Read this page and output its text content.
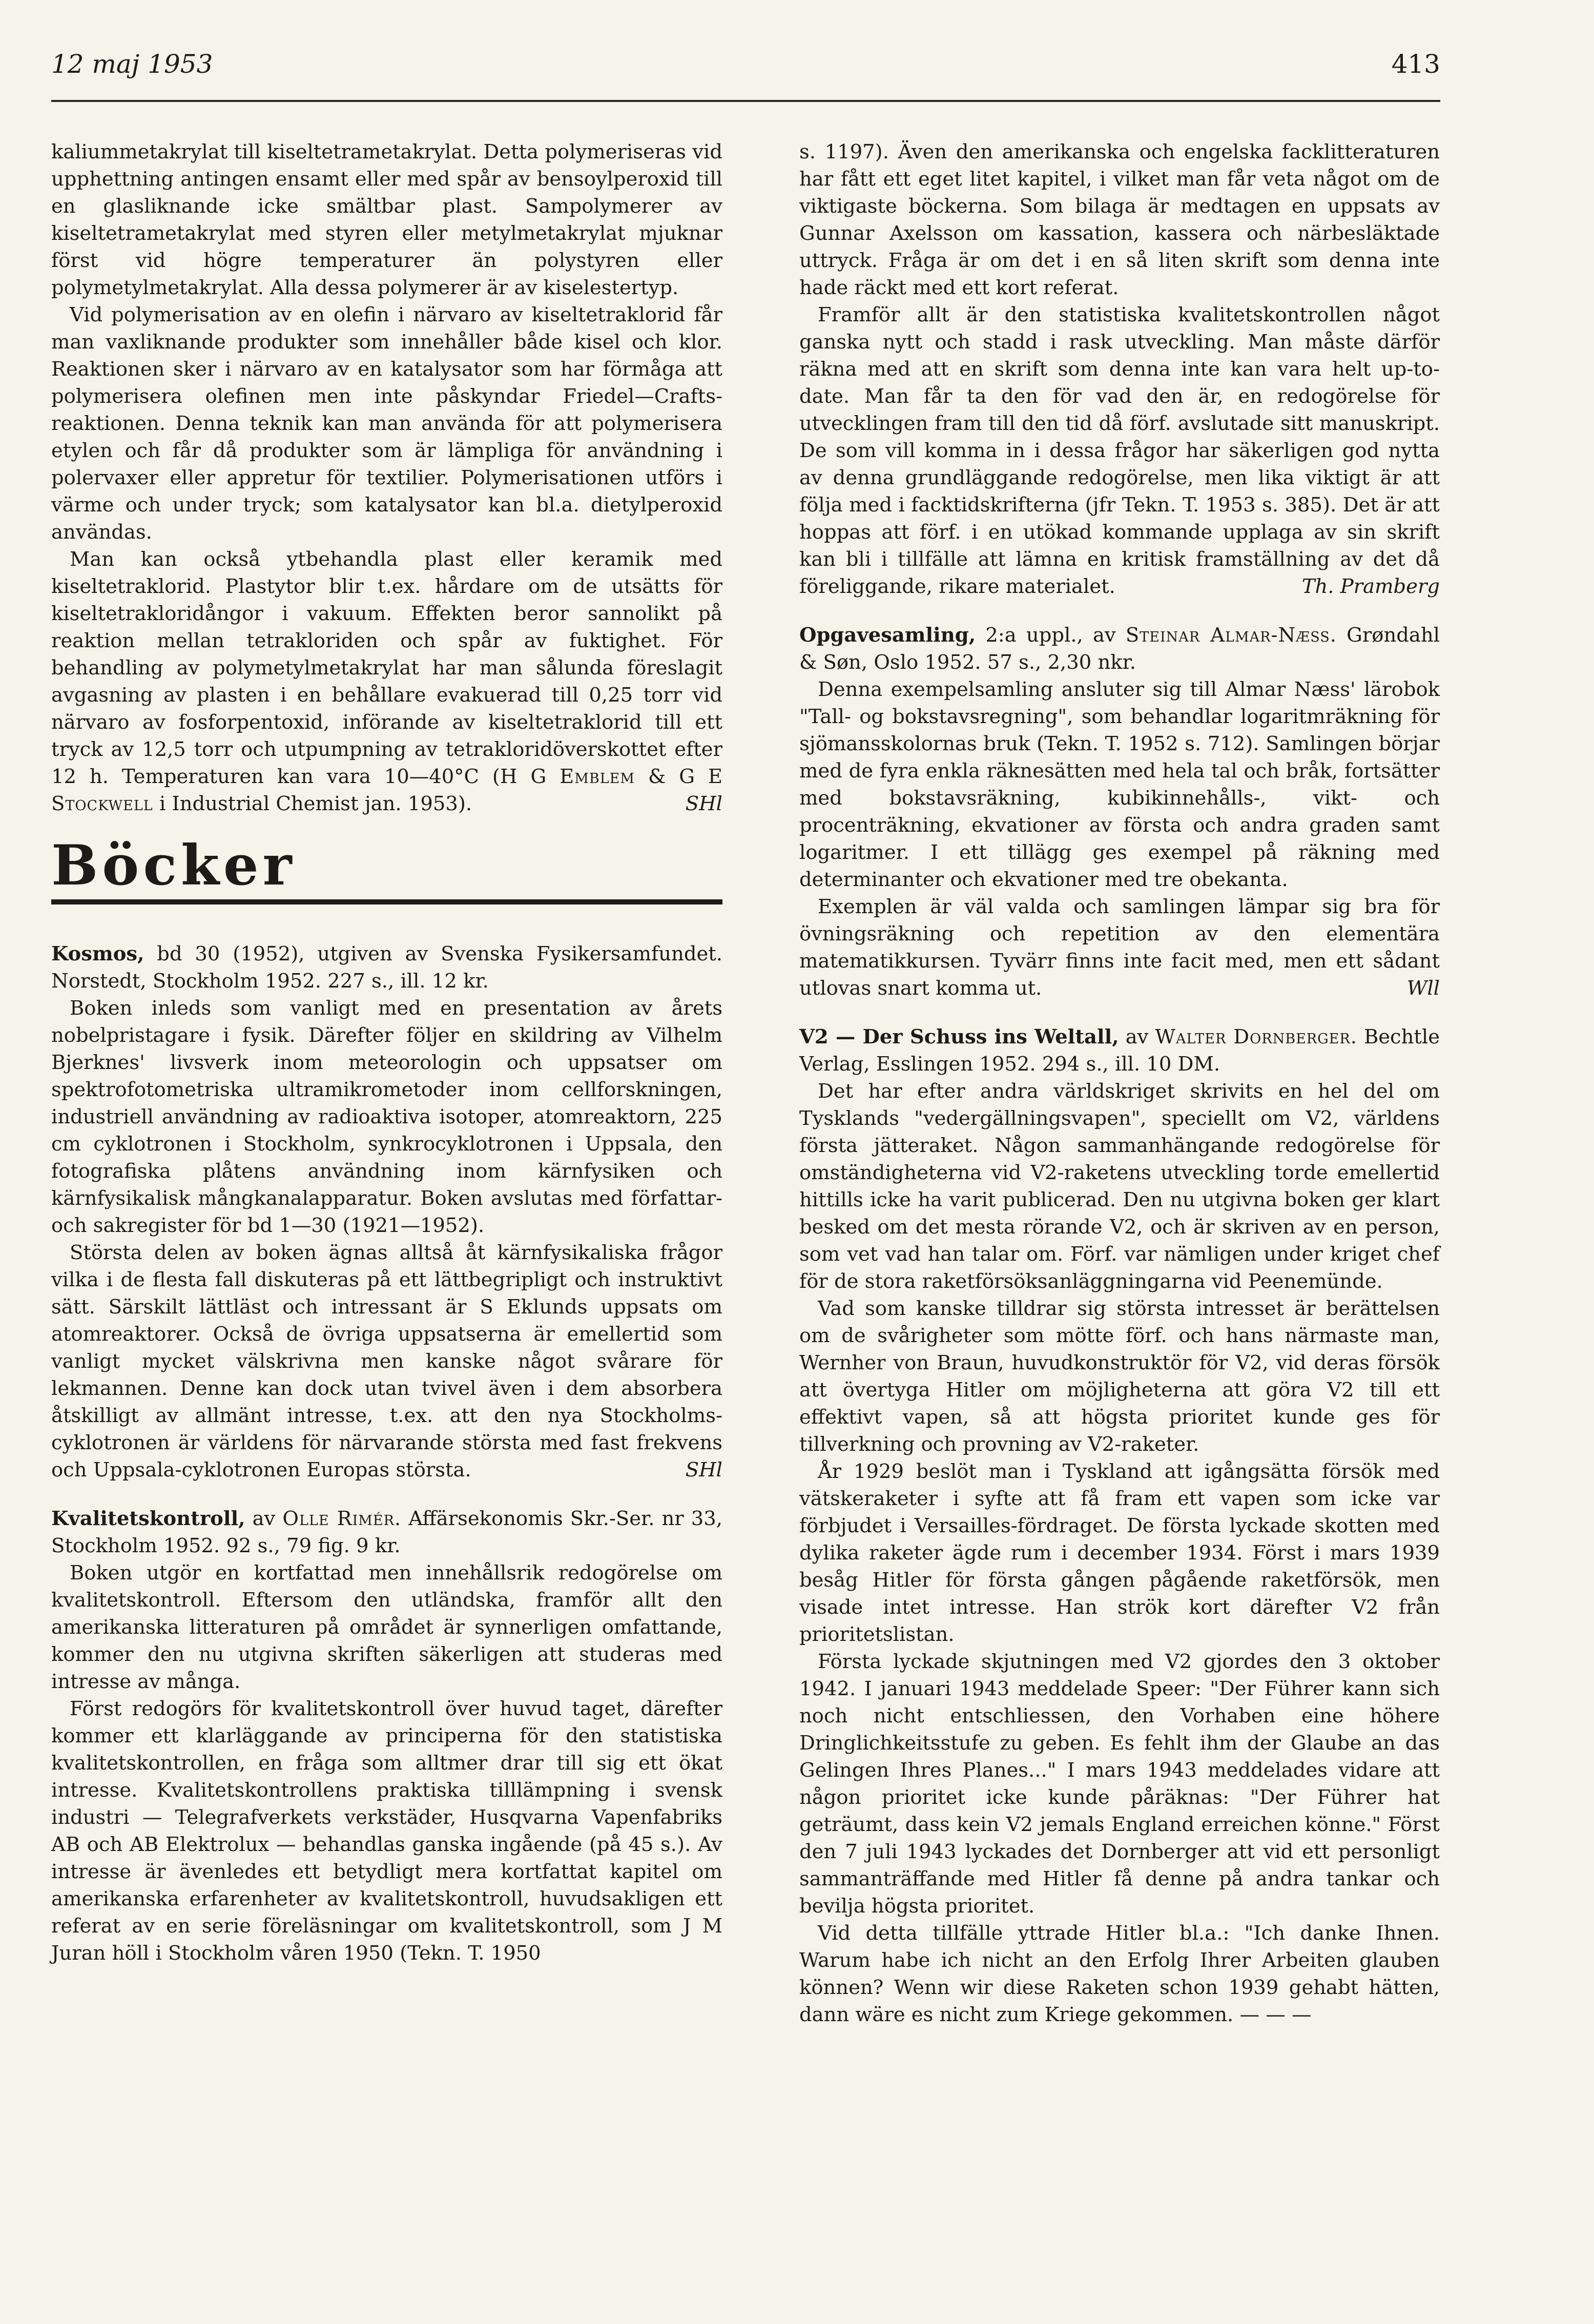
12 maj 1953	413

kaliummetakrylat till kiseltetrametakrylat. Detta polymeriseras vid upphettning antingen ensamt eller med spår av bensoylperoxid till en glasliknande icke smältbar plast. Sampolymerer av kiseltetrametakrylat med styren eller metylmetakrylat mjuknar först vid högre temperaturer än polystyren eller polymetylmetakrylat. Alla dessa polymerer är av kiselestertyp.

Vid polymerisation av en olefin i närvaro av kiseltetraklorid får man vaxliknande produkter som innehåller både kisel och klor. Reaktionen sker i närvaro av en katalysator som har förmåga att polymerisera olefinen men inte påskyndar Friedel—Crafts-reaktionen. Denna teknik kan man använda för att polymerisera etylen och får då produkter som är lämpliga för användning i polervaxer eller appretur för textilier. Polymerisationen utförs i värme och under tryck; som katalysator kan bl.a. dietylperoxid användas.

Man kan också ytbehandla plast eller keramik med kiseltetraklorid. Plastytor blir t.ex. hårdare om de utsätts för kiseltetrakloridångor i vakuum. Effekten beror sannolikt på reaktion mellan tetrakloriden och spår av fuktighet. För behandling av polymetylmetakrylat har man sålunda föreslagit avgasning av plasten i en behållare evakuerad till 0,25 torr vid närvaro av fosforpentoxid, införande av kiseltetraklorid till ett tryck av 12,5 torr och utpumpning av tetrakloridöverskottet efter 12 h. Temperaturen kan vara 10—40°C (H G Emblem & G E Stockwell i Industrial Chemist jan. 1953).	SHl

Böcker

Kosmos, bd 30 (1952), utgiven av Svenska Fysikersamfundet. Norstedt, Stockholm 1952. 227 s., ill. 12 kr.

Boken inleds som vanligt med en presentation av årets nobelpristagare i fysik. Därefter följer en skildring av Vilhelm Bjerknes' livsverk inom meteorologin och uppsatser om spektrofotometriska ultramikrometoder inom cellforskningen, industriell användning av radioaktiva isotoper, atomreaktorn, 225 cm cyklotronen i Stockholm, synkrocyklotronen i Uppsala, den fotografiska plåtens användning inom kärnfysiken och kärnfysikalisk mångkanalapparatur. Boken avslutas med författar- och sakregister för bd 1—30 (1921—1952).

Största delen av boken ägnas alltså åt kärnfysikaliska frågor vilka i de flesta fall diskuteras på ett lättbegripligt och instruktivt sätt. Särskilt lättläst och intressant är S Eklunds uppsats om atomreaktorer. Också de övriga uppsatserna är emellertid som vanligt mycket välskrivna men kanske något svårare för lekmannen. Denne kan dock utan tvivel även i dem absorbera åtskilligt av allmänt intresse, t.ex. att den nya Stockholms-cyklotronen är världens för närvarande största med fast frekvens och Uppsala-cyklotronen Europas största.	SHl

Kvalitetskontroll, av Olle Rimér. Affärsekonomis Skr.-Ser. nr 33, Stockholm 1952. 92 s., 79 fig. 9 kr.

Boken utgör en kortfattad men innehållsrik redogörelse om kvalitetskontroll. Eftersom den utländska, framför allt den amerikanska litteraturen på området är synnerligen omfattande, kommer den nu utgivna skriften säkerligen att studeras med intresse av många.

Först redogörs för kvalitetskontroll över huvud taget, därefter kommer ett klarläggande av principerna för den statistiska kvalitetskontrollen, en fråga som alltmer drar till sig ett ökat intresse. Kvalitetskontrollens praktiska tilllämpning i svensk industri — Telegrafverkets verkstäder, Husqvarna Vapenfabriks AB och AB Elektrolux — behandlas ganska ingående (på 45 s.). Av intresse är ävenledes ett betydligt mera kortfattat kapitel om amerikanska erfarenheter av kvalitetskontroll, huvudsakligen ett referat av en serie föreläsningar om kvalitetskontroll, som J M Juran höll i Stockholm våren 1950 (Tekn. T. 1950

s. 1197). Även den amerikanska och engelska facklitteraturen har fått ett eget litet kapitel, i vilket man får veta något om de viktigaste böckerna. Som bilaga är medtagen en uppsats av Gunnar Axelsson om kassation, kassera och närbesläktade uttryck. Fråga är om det i en så liten skrift som denna inte hade räckt med ett kort referat.

Framför allt är den statistiska kvalitetskontrollen något ganska nytt och stadd i rask utveckling. Man måste därför räkna med att en skrift som denna inte kan vara helt up-to-date. Man får ta den för vad den är, en redogörelse för utvecklingen fram till den tid då förf. avslutade sitt manuskript. De som vill komma in i dessa frågor har säkerligen god nytta av denna grundläggande redogörelse, men lika viktigt är att följa med i facktidskrifterna (jfr Tekn. T. 1953 s. 385). Det är att hoppas att förf. i en utökad kommande upplaga av sin skrift kan bli i tillfälle att lämna en kritisk framställning av det då föreliggande, rikare materialet.	Th. Pramberg

Opgavesamling, 2:a uppl., av Steinar Almar-Næss. Grøndahl & Søn, Oslo 1952. 57 s., 2,30 nkr.

Denna exempelsamling ansluter sig till Almar Næss' lärobok "Tall- og bokstavsregning", som behandlar logaritmräkning för sjömansskolornas bruk (Tekn. T. 1952 s. 712). Samlingen börjar med de fyra enkla räknesätten med hela tal och bråk, fortsätter med bokstavsräkning, kubikinnehålls-, vikt- och procenträkning, ekvationer av första och andra graden samt logaritmer. I ett tillägg ges exempel på räkning med determinanter och ekvationer med tre obekanta.

Exemplen är väl valda och samlingen lämpar sig bra för övningsräkning och repetition av den elementära matematikkursen. Tyvärr finns inte facit med, men ett sådant utlovas snart komma ut.	Wll

V2 — Der Schuss ins Weltall, av Walter Dornberger. Bechtle Verlag, Esslingen 1952. 294 s., ill. 10 DM.

Det har efter andra världskriget skrivits en hel del om Tysklands "vedergällningsvapen", speciellt om V2, världens första jätteraket. Någon sammanhängande redogörelse för omständigheterna vid V2-raketens utveckling torde emellertid hittills icke ha varit publicerad. Den nu utgivna boken ger klart besked om det mesta rörande V2, och är skriven av en person, som vet vad han talar om. Förf. var nämligen under kriget chef för de stora raketförsöksanläggningarna vid Peenemünde.

Vad som kanske tilldrar sig största intresset är berättelsen om de svårigheter som mötte förf. och hans närmaste man, Wernher von Braun, huvudkonstruktör för V2, vid deras försök att övertyga Hitler om möjligheterna att göra V2 till ett effektivt vapen, så att högsta prioritet kunde ges för tillverkning och provning av V2-raketer.

År 1929 beslöt man i Tyskland att igångsätta försök med vätskeraketer i syfte att få fram ett vapen som icke var förbjudet i Versailles-fördraget. De första lyckade skotten med dylika raketer ägde rum i december 1934. Först i mars 1939 besåg Hitler för första gången pågående raketförsök, men visade intet intresse. Han strök kort därefter V2 från prioritetslistan.

Första lyckade skjutningen med V2 gjordes den 3 oktober 1942. I januari 1943 meddelade Speer: "Der Führer kann sich noch nicht entschliessen, den Vorhaben eine höhere Dringlichkeitsstufe zu geben. Es fehlt ihm der Glaube an das Gelingen Ihres Planes..." I mars 1943 meddelades vidare att någon prioritet icke kunde påräknas: "Der Führer hat geträumt, dass kein V2 jemals England erreichen könne." Först den 7 juli 1943 lyckades det Dornberger att vid ett personligt sammanträffande med Hitler få denne på andra tankar och bevilja högsta prioritet.

Vid detta tillfälle yttrade Hitler bl.a.: "Ich danke Ihnen. Warum habe ich nicht an den Erfolg Ihrer Arbeiten glauben können? Wenn wir diese Raketen schon 1939 gehabt hätten, dann wäre es nicht zum Kriege gekommen. — — —
